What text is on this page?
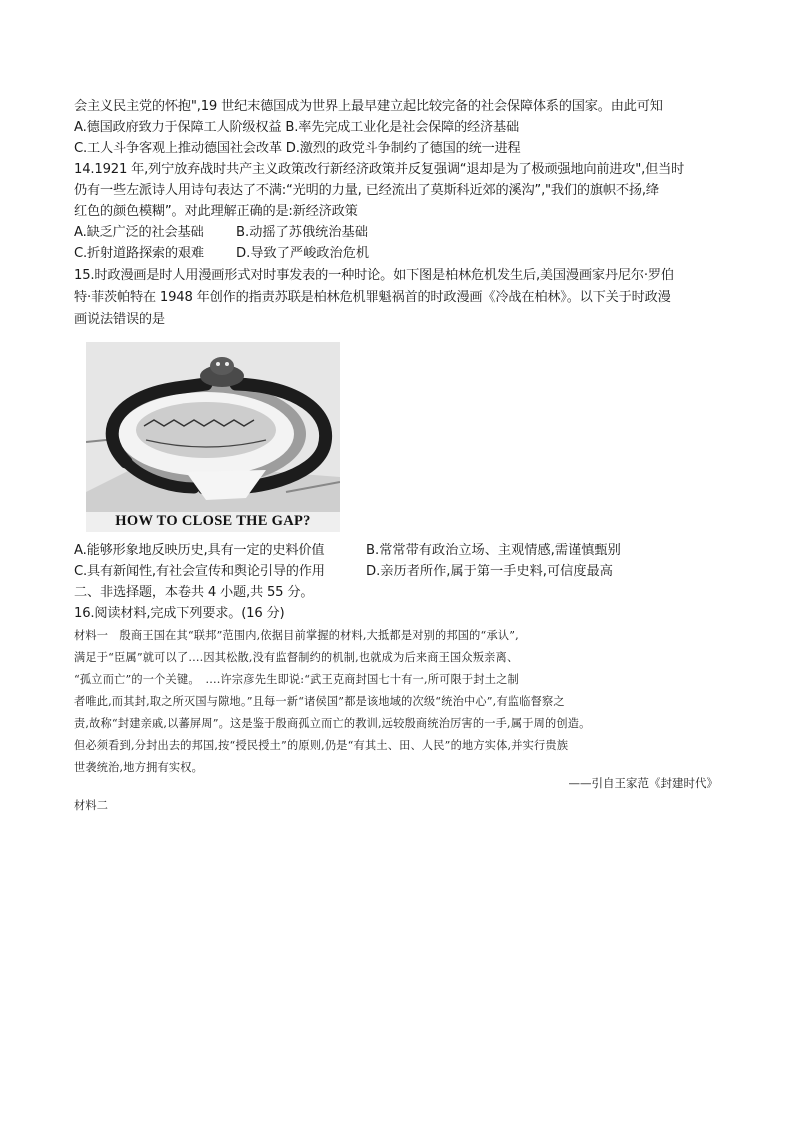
会主义民主党的怀抱",19 世纪末德国成为世界上最早建立起比较完备的社会保障体系的国家。由此可知
A.德国政府致力于保障工人阶级权益 B.率先完成工业化是社会保障的经济基础
C.工人斗争客观上推动德国社会改革 D.激烈的政党斗争制约了德国的统一进程
14.1921 年,列宁放弃战时共产主义政策改行新经济政策并反复强调“退却是为了极顽强地向前进攻",但当时
仍有一些左派诗人用诗句表达了不满:“光明的力量, 已经流出了莫斯科近郊的溪沟”,"我们的旗帜不扬,绛
红色的颜色模糊”。对此理解正确的是:新经济政策
A.缺乏广泛的社会基础 B.动摇了苏俄统治基础
C.折射道路探索的艰难 D.导致了严峻政治危机
15.时政漫画是时人用漫画形式对时事发表的一种时论。如下图是柏林危机发生后,美国漫画家丹尼尔·罗伯
特·菲茨帕特在 1948 年创作的指责苏联是柏林危机罪魁祸首的时政漫画《冷战在柏林》。以下关于时政漫
画说法错误的是
HOW TO CLOSE THE GAP?
A.能够形象地反映历史,具有一定的史料价值	B.常常带有政治立场、主观情感,需谨慎甄别
C.具有新闻性,有社会宣传和舆论引导的作用	D.亲历者所作,属于第一手史料,可信度最高
二、非选择题，本卷共 4 小题,共 55 分。
16.阅读材料,完成下列要求。(16 分)
材料一　殷商王国在其“联邦”范围内,依据目前掌握的材料,大抵都是对别的邦国的“承认”,
满足于“臣属”就可以了....因其松散,没有监督制约的机制,也就成为后来商王国众叛亲离、
“孤立而亡”的一个关键。　....许宗彦先生即说:“武王克商封国七十有一,所可限于封土之制
者唯此,而其封,取之所灭国与隙地。”且每一新“诸侯国”都是该地域的次级“统治中心”,有监临督察之
责,故称“封建亲戚,以蕃屏周”。这是鉴于殷商孤立而亡的教训,远较殷商统治厉害的一手,属于周的创造。
但必须看到,分封出去的邦国,按“授民授土”的原则,仍是“有其土、田、人民”的地方实体,并实行贵族
世袭统治,地方拥有实权。
——引自王家范《封建时代》
材料二
